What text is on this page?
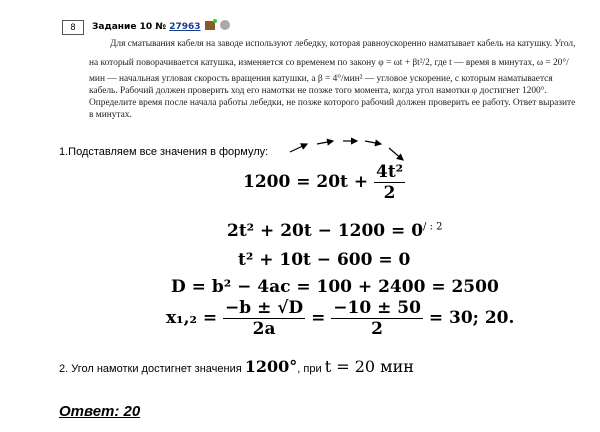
8	Задание 10 № 27963
Для сматывания кабеля на заводе используют лебедку, которая равноускоренно наматывает кабель на катушку. Угол,
на который поворачивается катушка, изменяется со временем по закону φ = ωt + βt²/2, где t — время в минутах, ω = 20°/
мин — начальная угловая скорость вращения катушки, а β = 4°/мин² — угловое ускорение, с которым наматывается
кабель. Рабочий должен проверить ход его намотки не позже того момента, когда угол намотки φ достигнет 1200°.
Определите время после начала работы лебедки, не позже которого рабочий должен проверить ее работу. Ответ выразите
в минутах.
1.Подставляем все значения в формулу:
$1200 = 20t + \frac{\text{4t²}}{2}$
$2t^2 + 20t - 1200 = 0^{/ : 2}$
t² + 10t − 600 = 0
D = b² − 4ac = 100 + 2400 = 2500
$x_1,_2 = \frac{-b \pm √D}{2a} = \frac{-10 \pm 50}{2} = 30$; 20.
2. Угол намотки достигнет значения 1200°, при t = 20 мин
Ответ: 20
